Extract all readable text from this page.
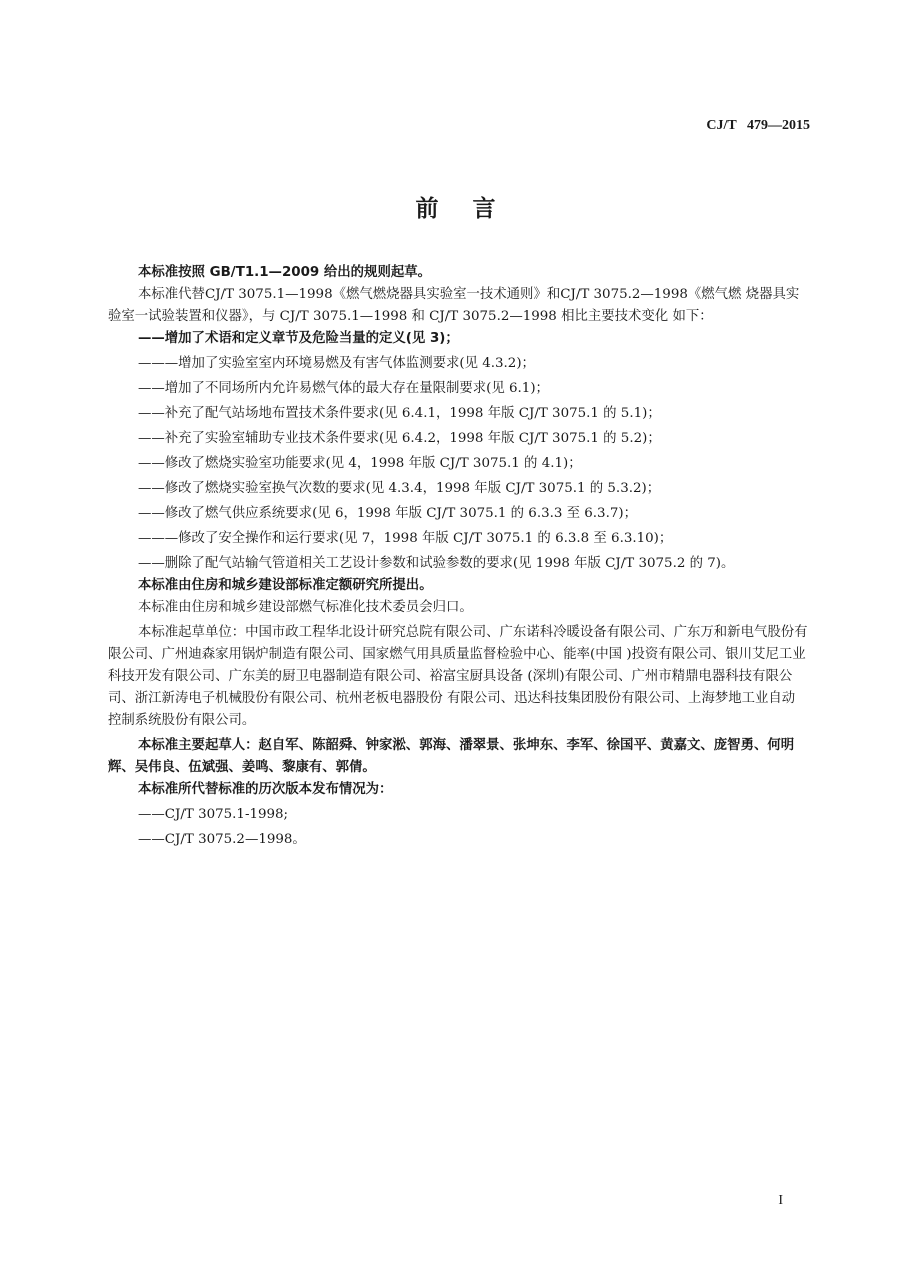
CJ/T   479—2015
前言

本标准按照 GB/T1.1—2009 给出的规则起草。

本标准代替CJ/T 3075.1—1998《燃气燃烧器具实验室一技术通则》和CJ/T 3075.2—1998《燃气燃 烧器具实验室一试验装置和仪器》，与 CJ/T 3075.1—1998 和 CJ/T 3075.2—1998 相比主要技术变化 如下：

——增加了术语和定义章节及危险当量的定义(见 3)；

———增加了实验室室内环境易燃及有害气体监测要求(见 4.3.2)；

——增加了不同场所内允许易燃气体的最大存在量限制要求(见 6.1)；

——补充了配气站场地布置技术条件要求(见 6.4.1，1998 年版 CJ/T 3075.1 的 5.1)；

——补充了实验室辅助专业技术条件要求(见 6.4.2，1998 年版 CJ/T 3075.1 的 5.2)；

——修改了燃烧实验室功能要求(见 4，1998 年版 CJ/T 3075.1 的 4.1)；

——修改了燃烧实验室换气次数的要求(见 4.3.4，1998 年版 CJ/T 3075.1 的 5.3.2)；

——修改了燃气供应系统要求(见 6，1998 年版 CJ/T 3075.1 的 6.3.3 至 6.3.7)；

———修改了安全操作和运行要求(见 7，1998 年版 CJ/T 3075.1 的 6.3.8 至 6.3.10)；

——删除了配气站输气管道相关工艺设计参数和试验参数的要求(见 1998 年版 CJ/T 3075.2 的 7)。

本标准由住房和城乡建设部标准定额研究所提出。

本标准由住房和城乡建设部燃气标准化技术委员会归口。

本标准起草单位：中国市政工程华北设计研究总院有限公司、广东诺科冷暖设备有限公司、广东万和新电气股份有限公司、广州迪森家用锅炉制造有限公司、国家燃气用具质量监督检验中心、能率(中国 )投资有限公司、银川艾尼工业科技开发有限公司、广东美的厨卫电器制造有限公司、裕富宝厨具设备 (深圳)有限公司、广州市精鼎电器科技有限公司、浙江新涛电子机械股份有限公司、杭州老板电器股份 有限公司、迅达科技集团股份有限公司、上海梦地工业自动控制系统股份有限公司。

本标准主要起草人：赵自军、陈韶舜、钟家淞、郭海、潘翠景、张坤东、李军、徐国平、黄嘉文、庞智勇、何明辉、吴伟良、伍斌强、姜鸣、黎康有、郭倩。

本标准所代替标准的历次版本发布情况为：

——CJ/T 3075.1-1998;

——CJ/T 3075.2—1998。

I
